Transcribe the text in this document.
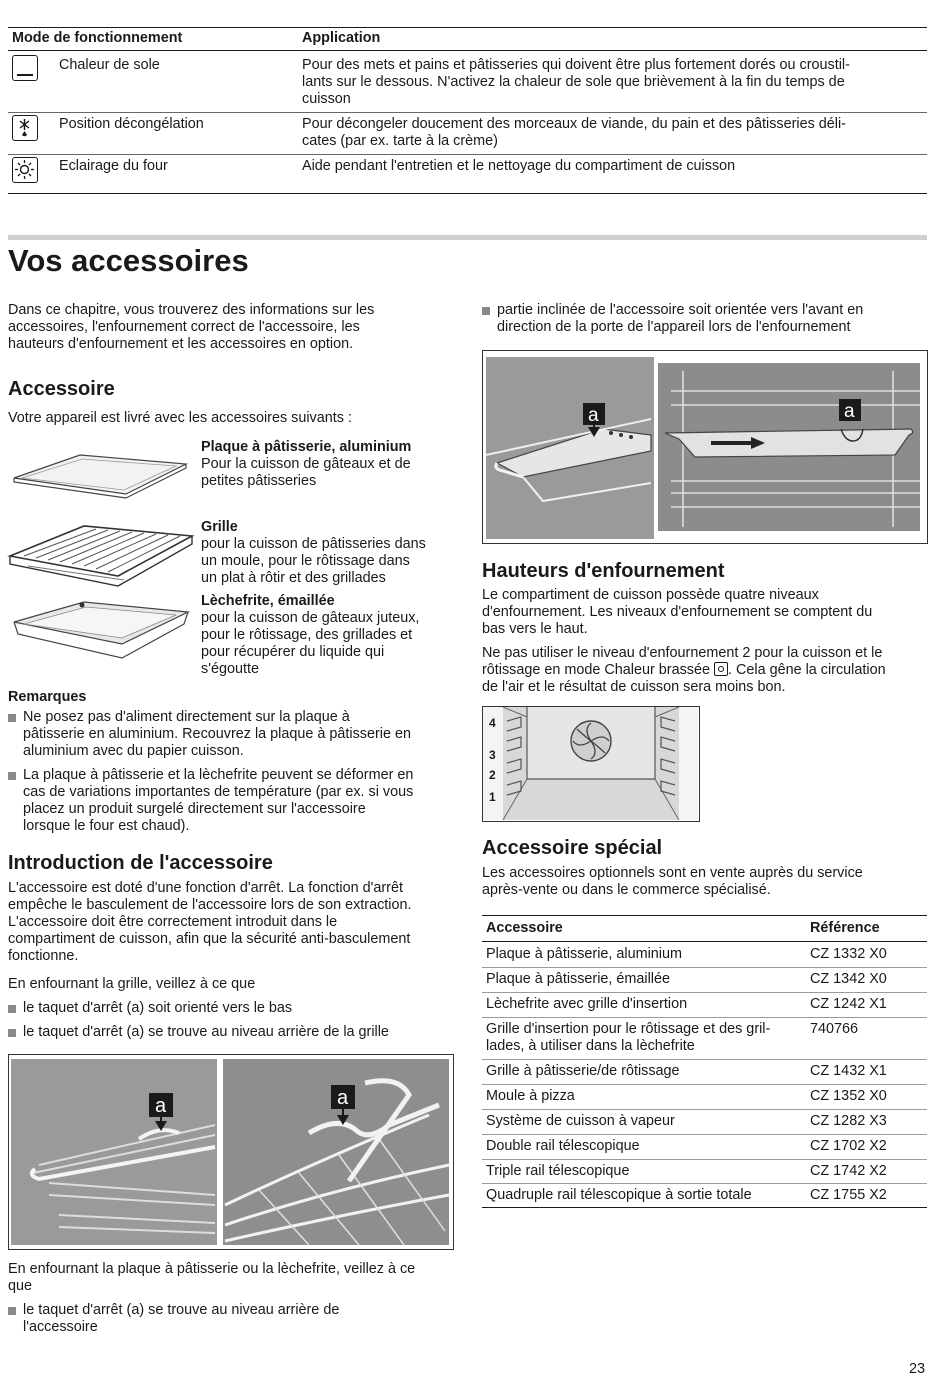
Mode de fonctionnement	Application
Chaleur de sole	Pour des mets et pains et pâtisseries qui doivent être plus fortement dorés ou croustil-
lants sur le dessous. N'activez la chaleur de sole que brièvement à la fin du temps de
cuisson
Position décongélation	Pour décongeler doucement des morceaux de viande, du pain et des pâtisseries déli-
cates (par ex. tarte à la crème)
Eclairage du four	Aide pendant l'entretien et le nettoyage du compartiment de cuisson
Vos accessoires
Dans ce chapitre, vous trouverez des informations sur les
accessoires, l'enfournement correct de l'accessoire, les
hauteurs d'enfournement et les accessoires en option.
Accessoire
Votre appareil est livré avec les accessoires suivants :
Plaque à pâtisserie, aluminium
Pour la cuisson de gâteaux et de
petites pâtisseries
Grille
pour la cuisson de pâtisseries dans
un moule, pour le rôtissage dans
un plat à rôtir et des grillades
Lèchefrite, émaillée
pour la cuisson de gâteaux juteux,
pour le rôtissage, des grillades et
pour récupérer du liquide qui
s'égoutte
Remarques
Ne posez pas d'aliment directement sur la plaque à
pâtisserie en aluminium. Recouvrez la plaque à pâtisserie en
aluminium avec du papier cuisson.
La plaque à pâtisserie et la lèchefrite peuvent se déformer en
cas de variations importantes de température (par ex. si vous
placez un produit surgelé directement sur l'accessoire
lorsque le four est chaud).
Introduction de l'accessoire
L'accessoire est doté d'une fonction d'arrêt. La fonction d'arrêt
empêche le basculement de l'accessoire lors de son extraction.
L'accessoire doit être correctement introduit dans le
compartiment de cuisson, afin que la sécurité anti-basculement
fonctionne.
En enfournant la grille, veillez à ce que
le taquet d'arrêt (a) soit orienté vers le bas
le taquet d'arrêt (a) se trouve au niveau arrière de la grille
a	a
En enfournant la plaque à pâtisserie ou la lèchefrite, veillez à ce
que
le taquet d'arrêt (a) se trouve au niveau arrière de
l'accessoire
partie inclinée de l'accessoire soit orientée vers l'avant en
direction de la porte de l'appareil lors de l'enfournement
a	a
Hauteurs d'enfournement
Le compartiment de cuisson possède quatre niveaux
d'enfournement. Les niveaux d'enfournement se comptent du
bas vers le haut.
Ne pas utiliser le niveau d'enfournement 2 pour la cuisson et le
rôtissage en mode Chaleur brassée . Cela gêne la circulation
de l'air et le résultat de cuisson sera moins bon.
4
3
2
1
Accessoire spécial
Les accessoires optionnels sont en vente auprès du service
après-vente ou dans le commerce spécialisé.
Accessoire	Référence
Plaque à pâtisserie, aluminium	CZ 1332 X0
Plaque à pâtisserie, émaillée	CZ 1342 X0
Lèchefrite avec grille d'insertion	CZ 1242 X1
Grille d'insertion pour le rôtissage et des gril-
lades, à utiliser dans la lèchefrite
740766
Grille à pâtisserie/de rôtissage	CZ 1432 X1
Moule à pizza	CZ 1352 X0
Système de cuisson à vapeur	CZ 1282 X3
Double rail télescopique	CZ 1702 X2
Triple rail télescopique	CZ 1742 X2
Quadruple rail télescopique à sortie totale	CZ 1755 X2
23
